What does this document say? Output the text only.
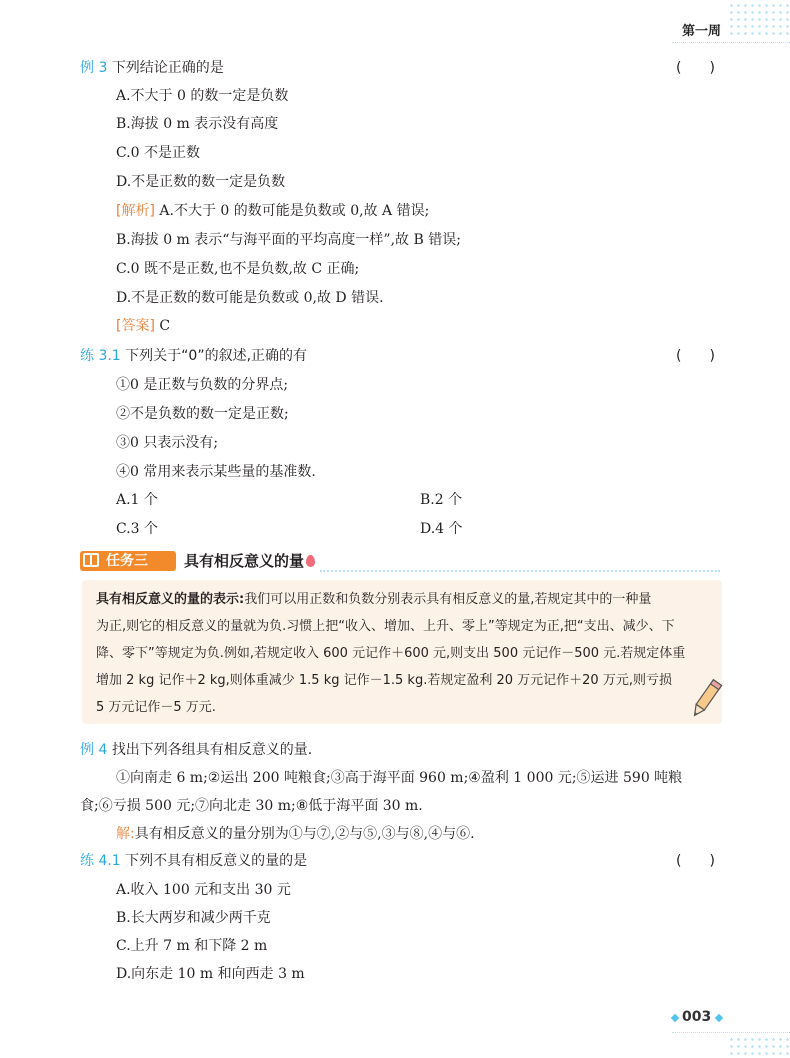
第一周
例 3 下列结论正确的是	(　　)
A.不大于 0 的数一定是负数
B.海拔 0 m 表示没有高度
C.0 不是正数
D.不是正数的数一定是负数
[解析] A.不大于 0 的数可能是负数或 0,故 A 错误;
B.海拔 0 m 表示“与海平面的平均高度一样”,故 B 错误;
C.0 既不是正数,也不是负数,故 C 正确;
D.不是正数的数可能是负数或 0,故 D 错误.
[答案] C
练 3.1 下列关于“0”的叙述,正确的有	(　　)
①0 是正数与负数的分界点;
②不是负数的数一定是正数;
③0 只表示没有;
④0 常用来表示某些量的基准数.
A.1 个	B.2 个
C.3 个	D.4 个
任务三 具有相反意义的量
具有相反意义的量的表示:我们可以用正数和负数分别表示具有相反意义的量,若规定其中的一种量
为正,则它的相反意义的量就为负.习惯上把“收入、增加、上升、零上”等规定为正,把“支出、减少、下
降、零下”等规定为负.例如,若规定收入 600 元记作＋600 元,则支出 500 元记作－500 元.若规定体重
增加 2 kg 记作＋2 kg,则体重减少 1.5 kg 记作－1.5 kg.若规定盈利 20 万元记作＋20 万元,则亏损
5 万元记作－5 万元.
例 4 找出下列各组具有相反意义的量.
①向南走 6 m;②运出 200 吨粮食;③高于海平面 960 m;④盈利 1 000 元;⑤运进 590 吨粮
食;⑥亏损 500 元;⑦向北走 30 m;⑧低于海平面 30 m.
解:具有相反意义的量分别为①与⑦,②与⑤,③与⑧,④与⑥.
练 4.1 下列不具有相反意义的量的是	(　　)
A.收入 100 元和支出 30 元
B.长大两岁和减少两千克
C.上升 7 m 和下降 2 m
D.向东走 10 m 和向西走 3 m
003
